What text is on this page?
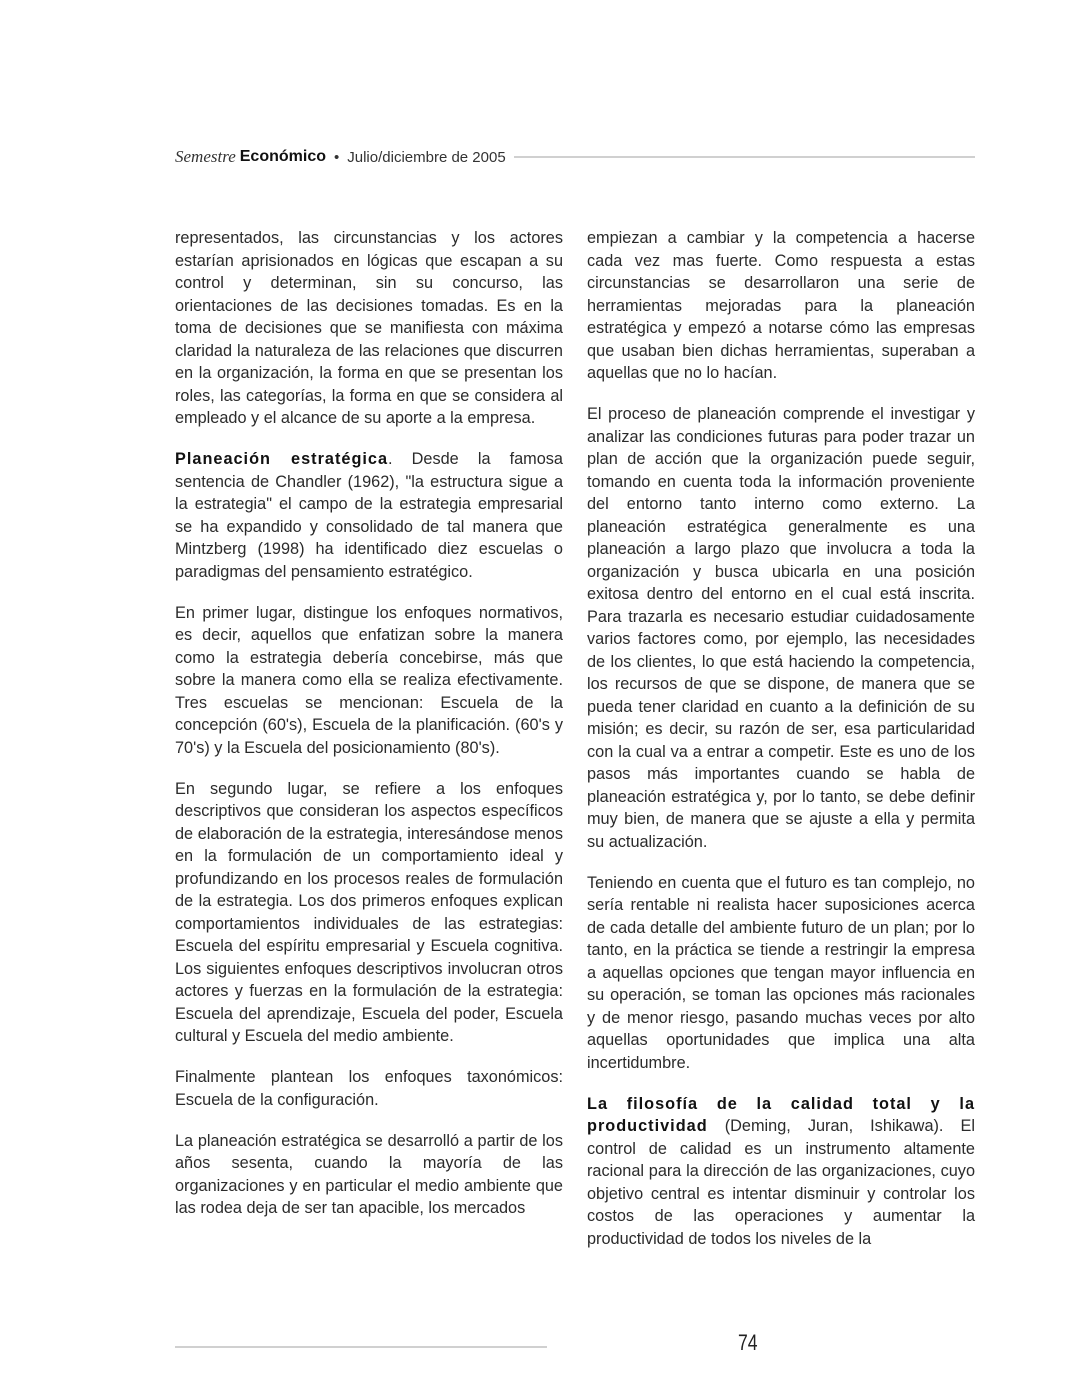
Semestre Económico • Julio/diciembre de 2005

representados, las circunstancias y los actores estarían aprisionados en lógicas que escapan a su control y determinan, sin su concurso, las orientaciones de las decisiones tomadas. Es en la toma de decisiones que se manifiesta con máxima claridad la naturaleza de las relaciones que discurren en la organización, la forma en que se presentan los roles, las categorías, la forma en que se considera al empleado y el alcance de su aporte a la empresa.

Planeación estratégica. Desde la famosa sentencia de Chandler (1962), "la estructura sigue a la estrategia" el campo de la estrategia empresarial se ha expandido y consolidado de tal manera que Mintzberg (1998) ha identificado diez escuelas o paradigmas del pensamiento estratégico.

En primer lugar, distingue los enfoques normativos, es decir, aquellos que enfatizan sobre la manera como la estrategia debería concebirse, más que sobre la manera como ella se realiza efectivamente. Tres escuelas se mencionan: Escuela de la concepción (60's), Escuela de la planificación. (60's y 70's) y la Escuela del posicionamiento (80's).

En segundo lugar, se refiere a los enfoques descriptivos que consideran los aspectos específicos de elaboración de la estrategia, interesándose menos en la formulación de un comportamiento ideal y profundizando en los procesos reales de formulación de la estrategia. Los dos primeros enfoques explican comportamientos individuales de las estrategias: Escuela del espíritu empresarial y Escuela cognitiva. Los siguientes enfoques descriptivos involucran otros actores y fuerzas en la formulación de la estrategia: Escuela del aprendizaje, Escuela del poder, Escuela cultural y Escuela del medio ambiente.

Finalmente plantean los enfoques taxonómicos: Escuela de la configuración.

La planeación estratégica se desarrolló a partir de los años sesenta, cuando la mayoría de las organizaciones y en particular el medio ambiente que las rodea deja de ser tan apacible, los mercados

empiezan a cambiar y la competencia a hacerse cada vez mas fuerte. Como respuesta a estas circunstancias se desarrollaron una serie de herramientas mejoradas para la planeación estratégica y empezó a notarse cómo las empresas que usaban bien dichas herramientas, superaban a aquellas que no lo hacían.

El proceso de planeación comprende el investigar y analizar las condiciones futuras para poder trazar un plan de acción que la organización puede seguir, tomando en cuenta toda la información proveniente del entorno tanto interno como externo. La planeación estratégica generalmente es una planeación a largo plazo que involucra a toda la organización y busca ubicarla en una posición exitosa dentro del entorno en el cual está inscrita. Para trazarla es necesario estudiar cuidadosamente varios factores como, por ejemplo, las necesidades de los clientes, lo que está haciendo la competencia, los recursos de que se dispone, de manera que se pueda tener claridad en cuanto a la definición de su misión; es decir, su razón de ser, esa particularidad con la cual va a entrar a competir. Este es uno de los pasos más importantes cuando se habla de planeación estratégica y, por lo tanto, se debe definir muy bien, de manera que se ajuste a ella y permita su actualización.

Teniendo en cuenta que el futuro es tan complejo, no sería rentable ni realista hacer suposiciones acerca de cada detalle del ambiente futuro de un plan; por lo tanto, en la práctica se tiende a restringir la empresa a aquellas opciones que tengan mayor influencia en su operación, se toman las opciones más racionales y de menor riesgo, pasando muchas veces por alto aquellas oportunidades que implica una alta incertidumbre.

La filosofía de la calidad total y la productividad (Deming, Juran, Ishikawa). El control de calidad es un instrumento altamente racional para la dirección de las organizaciones, cuyo objetivo central es intentar disminuir y controlar los costos de las operaciones y aumentar la productividad de todos los niveles de la

74
